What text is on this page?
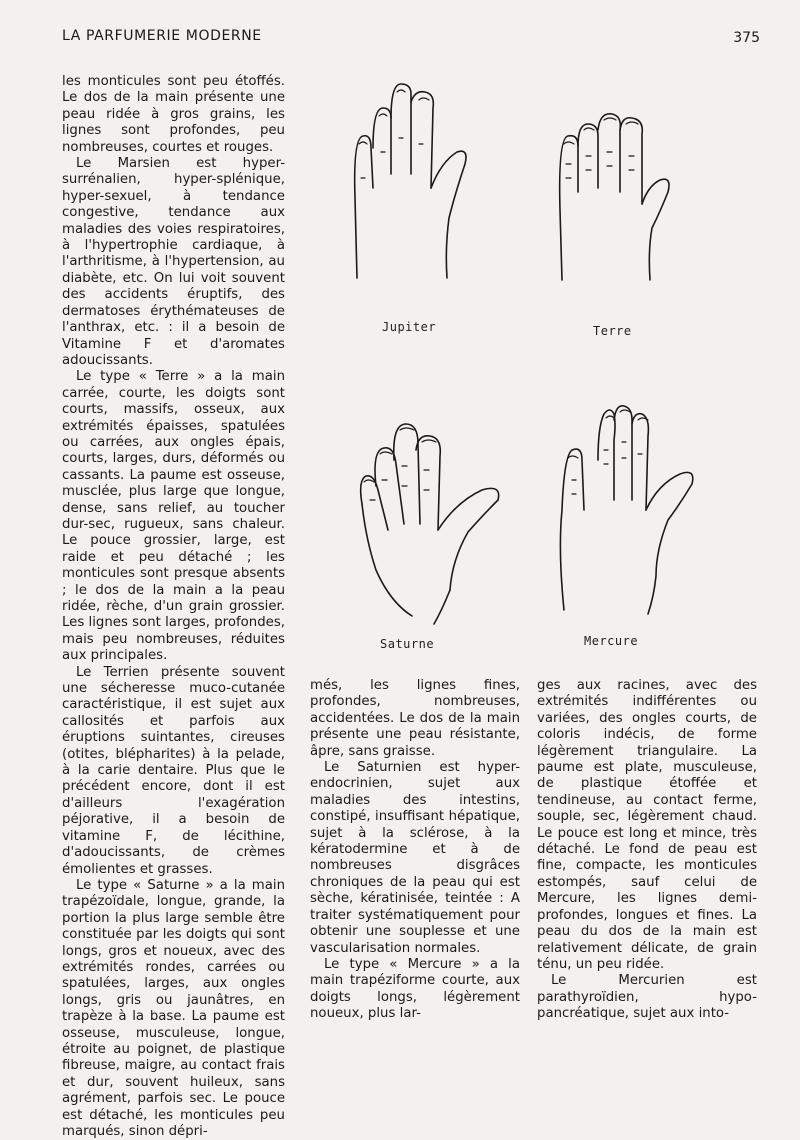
LA PARFUMERIE MODERNE	375

les monticules sont peu étoffés. Le dos de la main présente une peau ridée à gros grains, les lignes sont profondes, peu nombreuses, courtes et rouges.

Le Marsien est hyper-surrénalien, hyper-splénique, hyper-sexuel, à tendance congestive, tendance aux maladies des voies respiratoires, à l'hypertrophie cardiaque, à l'arthritisme, à l'hypertension, au diabète, etc. On lui voit souvent des accidents éruptifs, des dermatoses érythémateuses de l'anthrax, etc. : il a besoin de Vitamine F et d'aromates adoucissants.

Le type « Terre » a la main carrée, courte, les doigts sont courts, massifs, osseux, aux extrémités épaisses, spatulées ou carrées, aux ongles épais, courts, larges, durs, déformés ou cassants. La paume est osseuse, musclée, plus large que longue, dense, sans relief, au toucher dur-sec, rugueux, sans chaleur. Le pouce grossier, large, est raide et peu détaché ; les monticules sont presque absents ; le dos de la main a la peau ridée, rèche, d'un grain grossier. Les lignes sont larges, profondes, mais peu nombreuses, réduites aux principales.

Le Terrien présente souvent une sécheresse muco-cutanée caractéristique, il est sujet aux callosités et parfois aux éruptions suintantes, cireuses (otites, blépharites) à la pelade, à la carie dentaire. Plus que le précédent encore, dont il est d'ailleurs l'exagération péjorative, il a besoin de vitamine F, de lécithine, d'adoucissants, de crèmes émolientes et grasses.

Le type « Saturne » a la main trapézoïdale, longue, grande, la portion la plus large semble être constituée par les doigts qui sont longs, gros et noueux, avec des extrémités rondes, carrées ou spatulées, larges, aux ongles longs, gris ou jaunâtres, en trapèze à la base. La paume est osseuse, musculeuse, longue, étroite au poignet, de plastique fibreuse, maigre, au contact frais et dur, souvent huileux, sans agrément, parfois sec. Le pouce est détaché, les monticules peu marqués, sinon dépri-

Jupiter	Terre
Saturne	Mercure

més, les lignes fines, profondes, nombreuses, accidentées. Le dos de la main présente une peau résistante, âpre, sans graisse.

Le Saturnien est hyper-endocrinien, sujet aux maladies des intestins, constipé, insuffisant hépatique, sujet à la sclérose, à la kératodermine et à de nombreuses disgrâces chroniques de la peau qui est sèche, kératinisée, teintée : A traiter systématiquement pour obtenir une souplesse et une vascularisation normales.

Le type « Mercure » a la main trapéziforme courte, aux doigts longs, légèrement noueux, plus lar-

ges aux racines, avec des extrémités indifférentes ou variées, des ongles courts, de coloris indécis, de forme légèrement triangulaire. La paume est plate, musculeuse, de plastique étoffée et tendineuse, au contact ferme, souple, sec, légèrement chaud. Le pouce est long et mince, très détaché. Le fond de peau est fine, compacte, les monticules estompés, sauf celui de Mercure, les lignes demi-profondes, longues et fines. La peau du dos de la main est relativement délicate, de grain ténu, un peu ridée.

Le Mercurien est parathyroïdien, hypo-pancréatique, sujet aux into-
